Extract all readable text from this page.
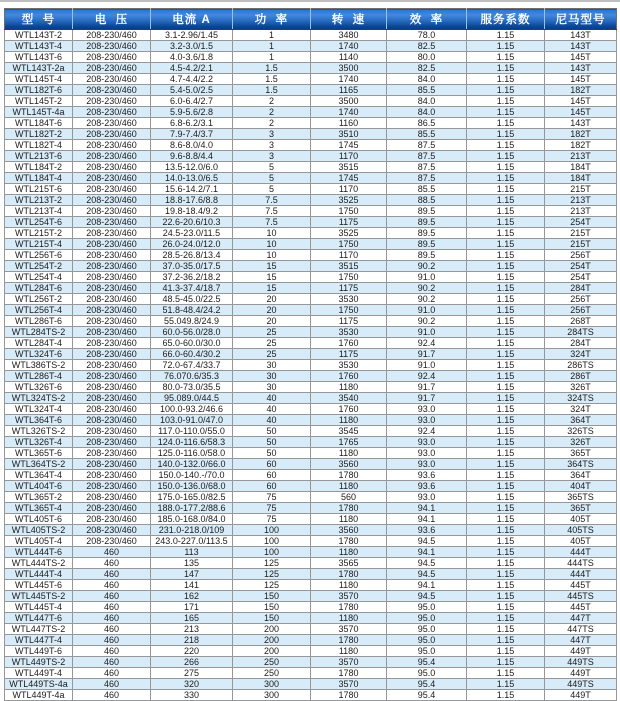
型  号	电  压	电流 A	功  率	转  速	效  率	服务系数	尼马型号
WTL143T-2	208-230/460	3.1-2.96/1.45	1	3480	78.0	1.15	143T
WTL143T-4	208-230/460	3.2-3.0/1.5	1	1740	82.5	1.15	143T
WTL143T-6	208-230/460	4.0-3.6/1.8	1	1140	80.0	1.15	145T
WTL143T-2a	208-230/460	4.5-4.2/2.1	1.5	3500	82.5	1.15	143T
WTL145T-4	208-230/460	4.7-4.4/2.2	1.5	1740	84.0	1.15	145T
WTL182T-6	208-230/460	5.4-5.0/2.5	1.5	1165	85.5	1.15	182T
WTL145T-2	208-230/460	6.0-6.4/2.7	2	3500	84.0	1.15	145T
WTL145T-4a	208-230/460	5.9-5.6/2.8	2	1740	84.0	1.15	145T
WTL184T-6	208-230/460	6.8-6.2/3.1	2	1160	86.5	1.15	143T
WTL182T-2	208-230/460	7.9-7.4/3.7	3	3510	85.5	1.15	182T
WTL182T-4	208-230/460	8.6-8.0/4.0	3	1745	87.5	1.15	182T
WTL213T-6	208-230/460	9.6-8.8/4.4	3	1170	87.5	1.15	213T
WTL184T-2	208-230/460	13.5-12.0/6.0	5	3515	87.5	1.15	184T
WTL184T-4	208-230/460	14.0-13.0/6.5	5	1745	87.5	1.15	184T
WTL215T-6	208-230/460	15.6-14.2/7.1	5	1170	85.5	1.15	215T
WTL213T-2	208-230/460	18.8-17.6/8.8	7.5	3525	88.5	1.15	213T
WTL213T-4	208-230/460	19.8-18.4/9.2	7.5	1750	89.5	1.15	213T
WTL254T-6	208-230/460	22.6-20.6/10.3	7.5	1175	89.5	1.15	254T
WTL215T-2	208-230/460	24.5-23.0/11.5	10	3525	89.5	1.15	215T
WTL215T-4	208-230/460	26.0-24.0/12.0	10	1750	89.5	1.15	215T
WTL256T-6	208-230/460	28.5-26.8/13.4	10	1170	89.5	1.15	256T
WTL254T-2	208-230/460	37.0-35.0/17.5	15	3515	90.2	1.15	254T
WTL254T-4	208-230/460	37.2-36.2/18.2	15	1750	91.0	1.15	254T
WTL284T-6	208-230/460	41.3-37.4/18.7	15	1175	90.2	1.15	284T
WTL256T-2	208-230/460	48.5-45.0/22.5	20	3530	90.2	1.15	256T
WTL256T-4	208-230/460	51.8-48.4/24.2	20	1750	91.0	1.15	256T
WTL286T-6	208-230/460	55.049.8/24.9	20	1175	90.2	1.15	268T
WTL284TS-2	208-230/460	60.0-56.0/28.0	25	3530	91.0	1.15	284TS
WTL284T-4	208-230/460	65.0-60.0/30.0	25	1760	92.4	1.15	284T
WTL324T-6	208-230/460	66.0-60.4/30.2	25	1175	91.7	1.15	324T
WTL386TS-2	208-230/460	72.0-67.4/33.7	30	3530	91.0	1.15	286TS
WTL286T-4	208-230/460	76.070.6/35.3	30	1760	92.4	1.15	286T
WTL326T-6	208-230/460	80.0-73.0/35.5	30	1180	91.7	1.15	326T
WTL324TS-2	208-230/460	95.089.0/44.5	40	3540	91.7	1.15	324TS
WTL324T-4	208-230/460	100.0-93.2/46.6	40	1760	93.0	1.15	324T
WTL364T-6	208-230/460	103.0-91.0/47.0	40	1180	93.0	1.15	364T
WTL326TS-2	208-230/460	117.0-110.0/55.0	50	3545	92.4	1.15	326TS
WTL326T-4	208-230/460	124.0-116.6/58.3	50	1765	93.0	1.15	326T
WTL365T-6	208-230/460	125.0-116.0/58.0	50	1180	93.0	1.15	365T
WTL364TS-2	208-230/460	140.0-132.0/66.0	60	3560	93.0	1.15	364TS
WTL364T-4	208-230/460	150.0-140.-/70.0	60	1780	93.6	1.15	364T
WTL404T-6	208-230/460	150.0-136.0/68.0	60	1180	93.6	1.15	404T
WTL365T-2	208-230/460	175.0-165.0/82.5	75	560	93.0	1.15	365TS
WTL365T-4	208-230/460	188.0-177.2/88.6	75	1780	94.1	1.15	365T
WTL405T-6	208-230/460	185.0-168.0/84.0	75	1180	94.1	1.15	405T
WTL405TS-2	208-230/460	231.0-218.0/109	100	3560	93.6	1.15	405TS
WTL405T-4	208-230/460	243.0-227.0/113.5	100	1780	94.5	1.15	405T
WTL444T-6	460	113	100	1180	94.1	1.15	444T
WTL444TS-2	460	135	125	3565	94.5	1.15	444TS
WTL444T-4	460	147	125	1780	94.5	1.15	444T
WTL445T-6	460	141	125	1180	94.1	1.15	445T
WTL445TS-2	460	162	150	3570	94.5	1.15	445TS
WTL445T-4	460	171	150	1780	95.0	1.15	445T
WTL447T-6	460	165	150	1180	95.0	1.15	447T
WTL447TS-2	460	213	200	3570	95.0	1.15	447TS
WTL447T-4	460	218	200	1780	95.0	1.15	447T
WTL449T-6	460	220	200	1180	95.0	1.15	449T
WTL449TS-2	460	266	250	3570	95.4	1.15	449TS
WTL449T-4	460	275	250	1780	95.0	1.15	449T
WTL449TS-4a	460	320	300	3570	95.4	1.15	449TS
WTL449T-4a	460	330	300	1780	95.4	1.15	449T
